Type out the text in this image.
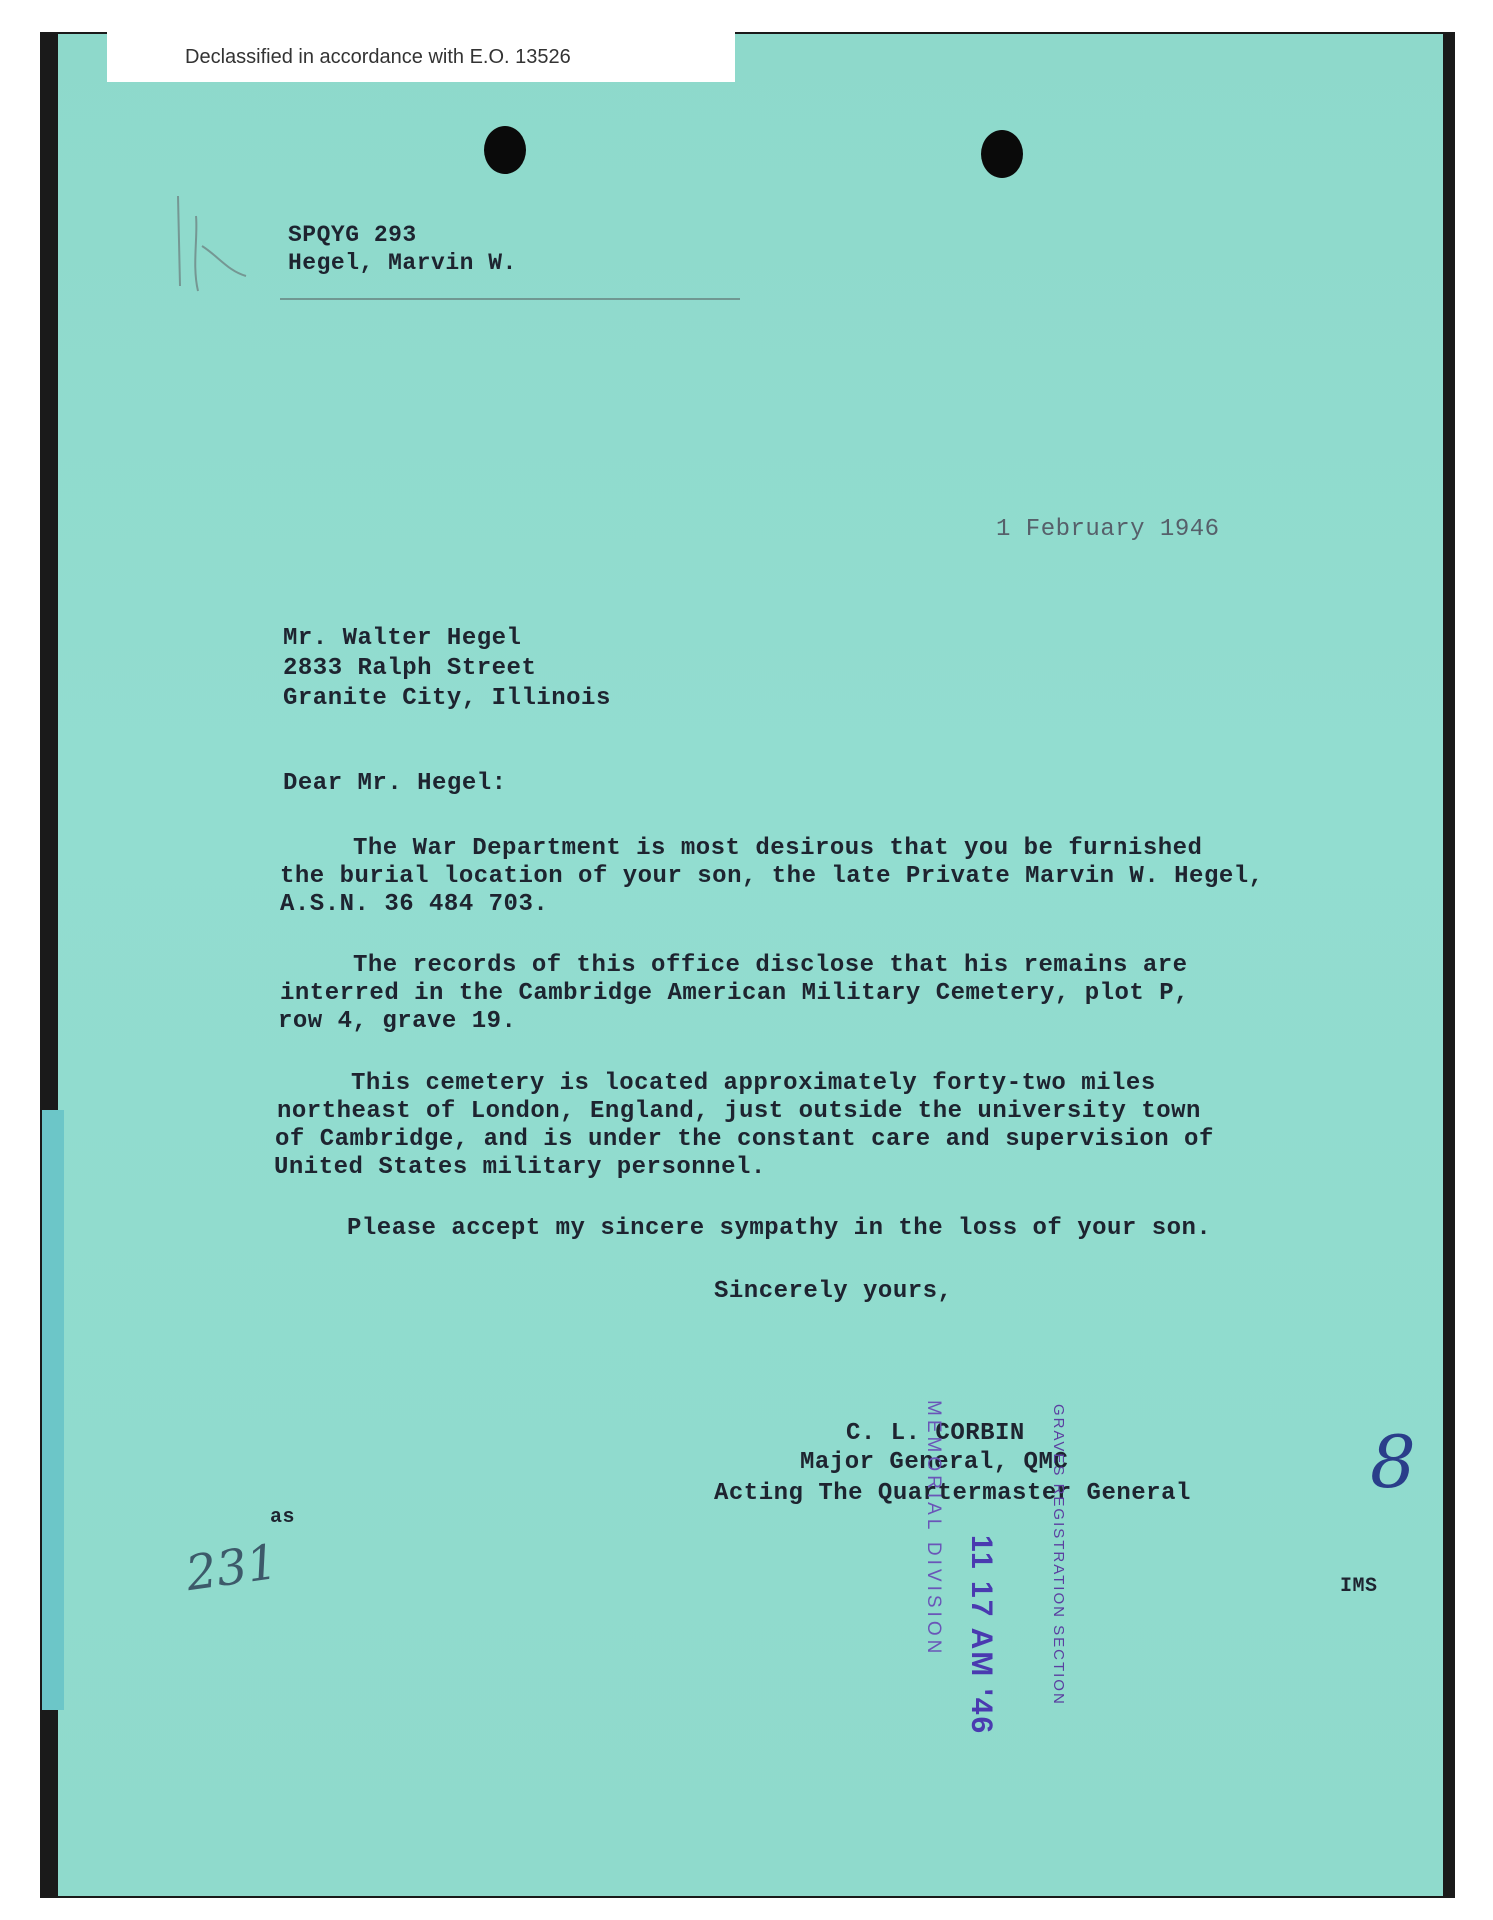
Declassified in accordance with E.O. 13526
SPQYG 293
Hegel, Marvin W.
1 February 1946
Mr. Walter Hegel
2833 Ralph Street
Granite City, Illinois
Dear Mr. Hegel:
The War Department is most desirous that you be furnished
the burial location of your son, the late Private Marvin W. Hegel,
A.S.N. 36 484 703.
The records of this office disclose that his remains are
interred in the Cambridge American Military Cemetery, plot P,
row 4, grave 19.
This cemetery is located approximately forty-two miles
northeast of London, England, just outside the university town
of Cambridge, and is under the constant care and supervision of
United States military personnel.
Please accept my sincere sympathy in the loss of your son.
Sincerely yours,
C. L. CORBIN
Major General, QMC
Acting The Quartermaster General
as
IMS
GRAVES REGISTRATION SECTION
11 17 AM '46
MEMORIAL DIVISION
231
8
